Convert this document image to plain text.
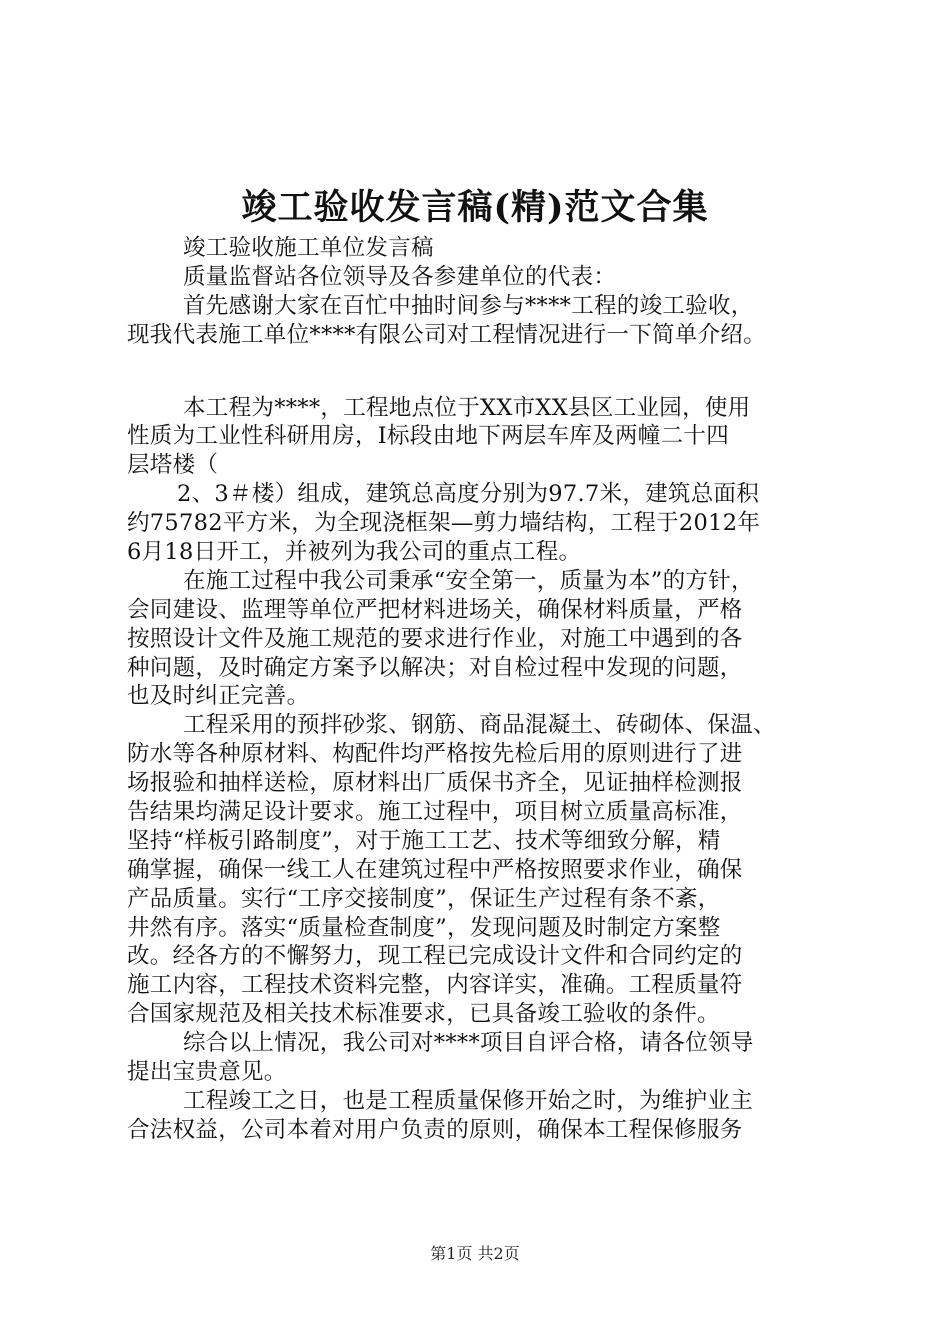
竣工验收发言稿(精)范文合集
竣工验收施工单位发言稿
质量监督站各位领导及各参建单位的代表：
首先感谢大家在百忙中抽时间参与****工程的竣工验收，
现我代表施工单位****有限公司对工程情况进行一下简单介绍。
本工程为****，工程地点位于XX市XX县区工业园，使用
性质为工业性科研用房，Ⅰ标段由地下两层车库及两幢二十四
层塔楼（
2、3＃楼）组成，建筑总高度分别为97.7米，建筑总面积
约75782平方米，为全现浇框架—剪力墙结构，工程于2012年
6月18日开工，并被列为我公司的重点工程。
在施工过程中我公司秉承“安全第一，质量为本”的方针，
会同建设、监理等单位严把材料进场关，确保材料质量，严格
按照设计文件及施工规范的要求进行作业，对施工中遇到的各
种问题，及时确定方案予以解决；对自检过程中发现的问题，
也及时纠正完善。
工程采用的预拌砂浆、钢筋、商品混凝土、砖砌体、保温、
防水等各种原材料、构配件均严格按先检后用的原则进行了进
场报验和抽样送检，原材料出厂质保书齐全，见证抽样检测报
告结果均满足设计要求。施工过程中，项目树立质量高标准，
坚持“样板引路制度”，对于施工工艺、技术等细致分解，精
确掌握，确保一线工人在建筑过程中严格按照要求作业，确保
产品质量。实行“工序交接制度”，保证生产过程有条不紊，
井然有序。落实“质量检查制度”，发现问题及时制定方案整
改。经各方的不懈努力，现工程已完成设计文件和合同约定的
施工内容，工程技术资料完整，内容详实，准确。工程质量符
合国家规范及相关技术标准要求，已具备竣工验收的条件。
综合以上情况，我公司对****项目自评合格，请各位领导
提出宝贵意见。
工程竣工之日，也是工程质量保修开始之时，为维护业主
合法权益，公司本着对用户负责的原则，确保本工程保修服务
第1页 共2页
